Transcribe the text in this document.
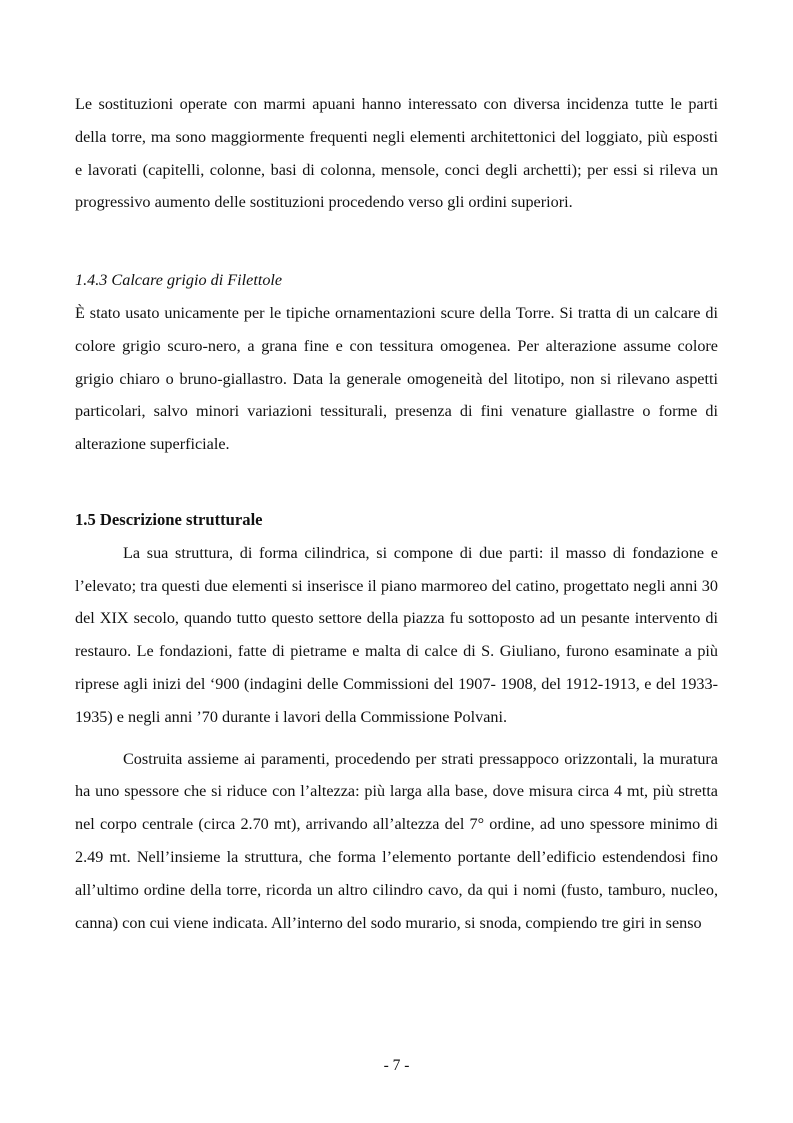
Le sostituzioni operate con marmi apuani hanno interessato con diversa incidenza tutte le parti della torre, ma sono maggiormente frequenti negli elementi architettonici del loggiato, più esposti e lavorati (capitelli, colonne, basi di colonna, mensole, conci degli archetti); per essi si rileva un progressivo aumento delle sostituzioni procedendo verso gli ordini superiori.

1.4.3 Calcare grigio di Filettole

È stato usato unicamente per le tipiche ornamentazioni scure della Torre. Si tratta di un calcare di colore grigio scuro-nero, a grana fine e con tessitura omogenea. Per alterazione assume colore grigio chiaro o bruno-giallastro. Data la generale omogeneità del litotipo, non si rilevano aspetti particolari, salvo minori variazioni tessiturali, presenza di fini venature giallastre o forme di alterazione superficiale.

1.5 Descrizione strutturale

La sua struttura, di forma cilindrica, si compone di due parti: il masso di fondazione e l’elevato; tra questi due elementi si inserisce il piano marmoreo del catino, progettato negli anni 30 del XIX secolo, quando tutto questo settore della piazza fu sottoposto ad un pesante intervento di restauro. Le fondazioni, fatte di pietrame e malta di calce di S. Giuliano, furono esaminate a più riprese agli inizi del ‘900 (indagini delle Commissioni del 1907- 1908, del 1912-1913, e del 1933-1935) e negli anni ’70 durante i lavori della Commissione Polvani.

Costruita assieme ai paramenti, procedendo per strati pressappoco orizzontali, la muratura ha uno spessore che si riduce con l’altezza: più larga alla base, dove misura circa 4 mt, più stretta nel corpo centrale (circa 2.70 mt), arrivando all’altezza del 7° ordine, ad uno spessore minimo di 2.49 mt. Nell’insieme la struttura, che forma l’elemento portante dell’edificio estendendosi fino all’ultimo ordine della torre, ricorda un altro cilindro cavo, da qui i nomi (fusto, tamburo, nucleo, canna) con cui viene indicata. All’interno del sodo murario, si snoda, compiendo tre giri in senso

- 7 -
